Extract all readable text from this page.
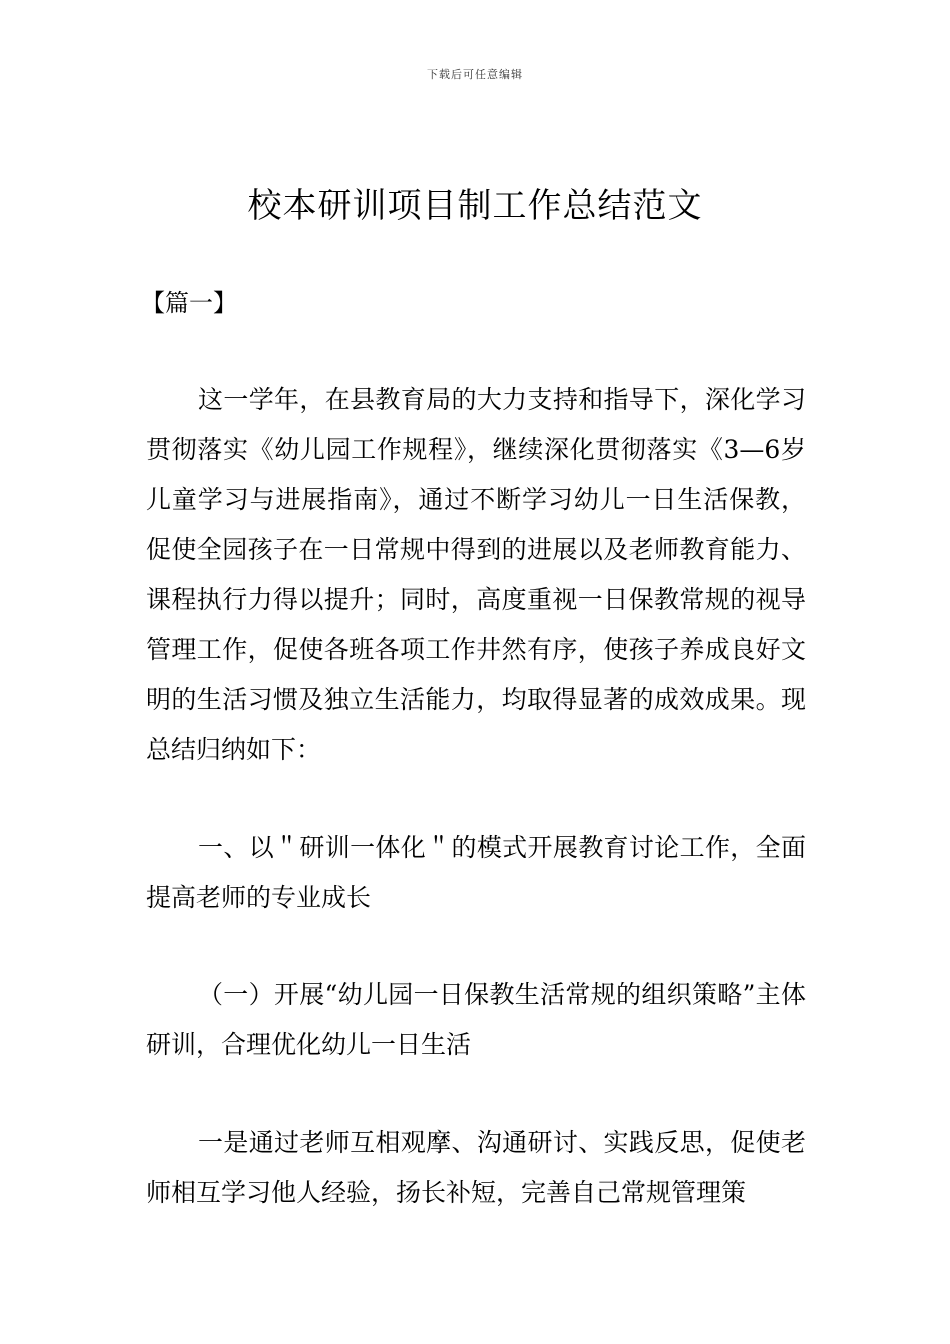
下载后可任意编辑
校本研训项目制工作总结范文
【篇一】

这一学年，在县教育局的大力支持和指导下，深化学习贯彻落实《幼儿园工作规程》，继续深化贯彻落实《3—6岁儿童学习与进展指南》，通过不断学习幼儿一日生活保教，促使全园孩子在一日常规中得到的进展以及老师教育能力、课程执行力得以提升；同时，高度重视一日保教常规的视导管理工作，促使各班各项工作井然有序，使孩子养成良好文明的生活习惯及独立生活能力，均取得显著的成效成果。现总结归纳如下：

一、以＂研训一体化＂的模式开展教育讨论工作，全面提高老师的专业成长

（一）开展“幼儿园一日保教生活常规的组织策略”主体研训，合理优化幼儿一日生活

一是通过老师互相观摩、沟通研讨、实践反思，促使老师相互学习他人经验，扬长补短，完善自己常规管理策
